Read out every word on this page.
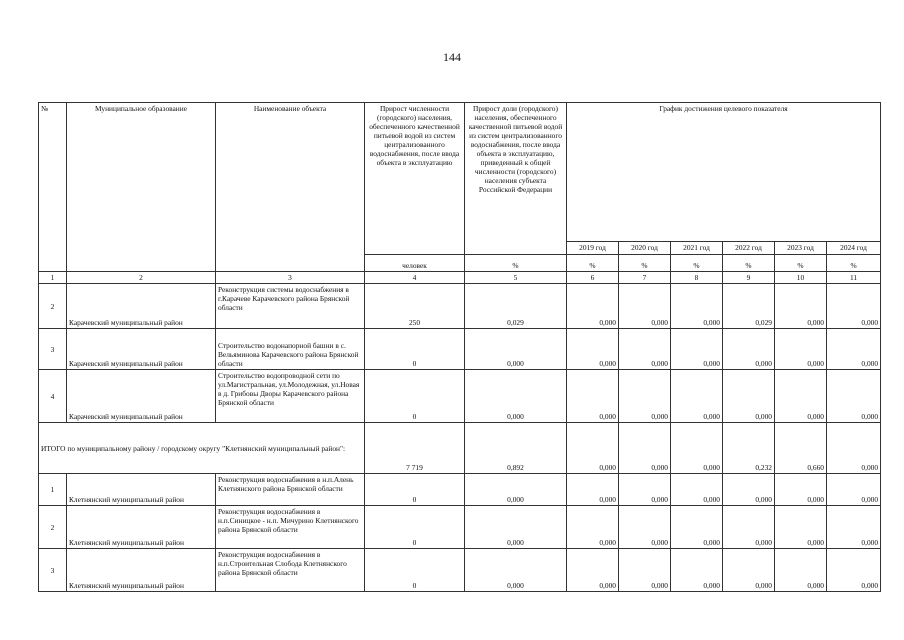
144
№	Муниципальное образование	Наименование объекта	Прирост численности (городского) населения, обеспеченного качественной питьевой водой из систем централизованного водоснабжения, после ввода объекта в эксплуатацию	Прирост доли (городского) населения, обеспеченного качественной питьевой водой из систем централизованного водоснабжения, после ввода объекта в эксплуатацию, приведенный к общей численности (городского) населения субъекта Российской Федерации	График достижения целевого показателя					
					2019 год	2020 год	2021 год	2022 год	2023 год	2024 год
			человек	%	%	%	%	%	%	%
1	2	3	4	5	6	7	8	9	10	11
2	Карачевский муниципальный район	Реконструкция системы водоснабжения в г.Карачеве Карачевского района Брянской области	250	0,029	0,000	0,000	0,000	0,029	0,000	0,000
3	Карачевский муниципальный район	Строительство водонапорной башни в с. Вельяминова Карачевского района Брянской области	0	0,000	0,000	0,000	0,000	0,000	0,000	0,000
4	Карачевский муниципальный район	Строительство водопроводной сети по ул.Магистральная, ул.Молодежная, ул.Новая в д. Грибовы Дворы Карачевского района Брянской области	0	0,000	0,000	0,000	0,000	0,000	0,000	0,000
ИТОГО по муниципальному району / городскому округу "Клетнянский муниципальный район":			7 719	0,892	0,000	0,000	0,000	0,232	0,660	0,000
1	Клетнянский муниципальный район	Реконструкция водоснабжения в н.п.Алень Клетнянского района Брянской области	0	0,000	0,000	0,000	0,000	0,000	0,000	0,000
2	Клетнянский муниципальный район	Реконструкция водоснабжения в н.п.Синицкое - н.п. Мичурино Клетнянского района Брянской области	0	0,000	0,000	0,000	0,000	0,000	0,000	0,000
3	Клетнянский муниципальный район	Реконструкция водоснабжения в н.п.Строительная Слобода Клетнянского района Брянской области	0	0,000	0,000	0,000	0,000	0,000	0,000	0,000
